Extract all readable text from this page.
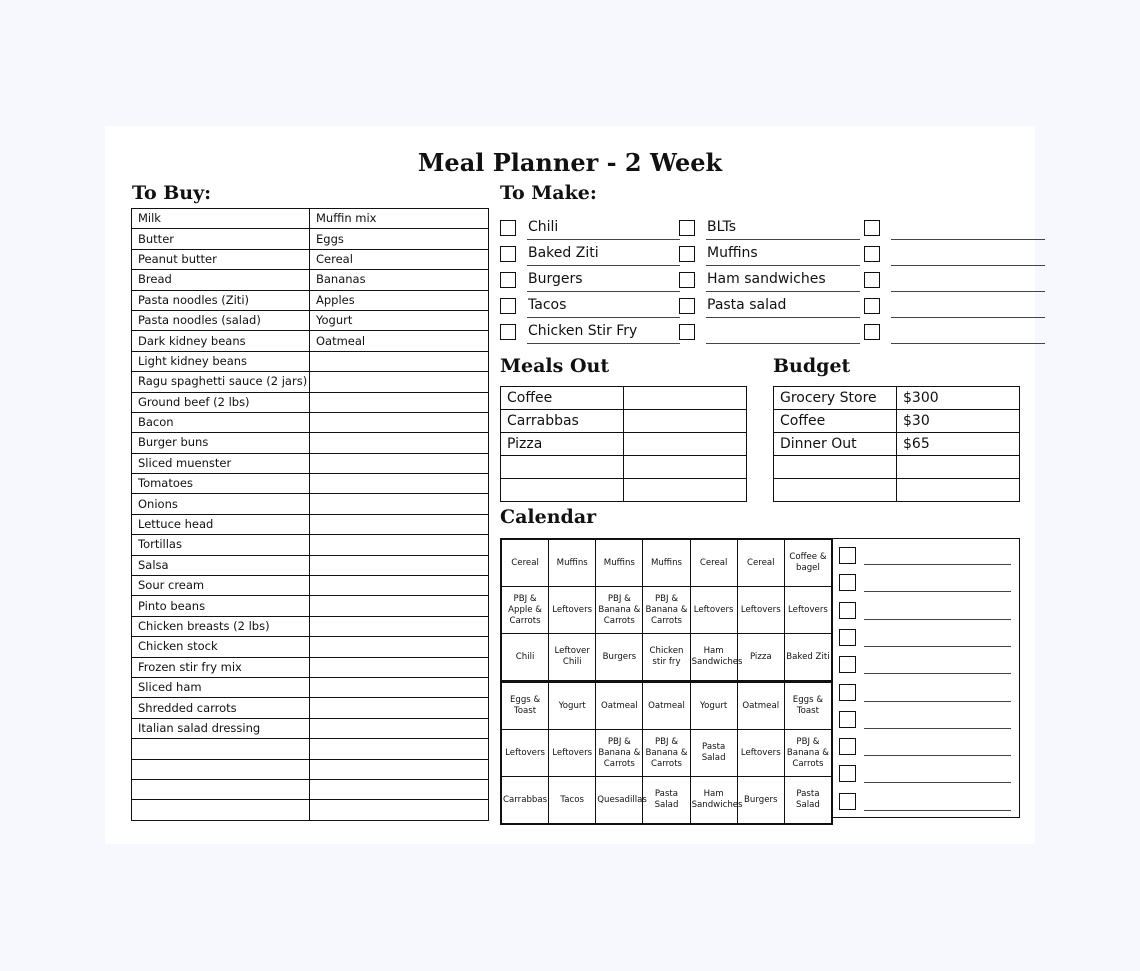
Meal Planner - 2 Week
To Buy:
Milk	Muffin mix
Butter	Eggs
Peanut butter	Cereal
Bread	Bananas
Pasta noodles (Ziti)	Apples
Pasta noodles (salad)	Yogurt
Dark kidney beans	Oatmeal
Light kidney beans	
Ragu spaghetti sauce (2 jars)	
Ground beef (2 lbs)	
Bacon	
Burger buns	
Sliced muenster	
Tomatoes	
Onions	
Lettuce head	
Tortillas	
Salsa	
Sour cream	
Pinto beans	
Chicken breasts (2 lbs)	
Chicken stock	
Frozen stir fry mix	
Sliced ham	
Shredded carrots	
Italian salad dressing	

To Make:
Chili
Baked Ziti
Burgers
Tacos
Chicken Stir Fry
BLTs
Muffins
Ham sandwiches
Pasta salad
Meals Out
Coffee	
Carrabbas	
Pizza	

Budget
Grocery Store	$300
Coffee	$30
Dinner Out	$65

Calendar
Cereal	Muffins	Muffins	Muffins	Cereal	Cereal	Coffee & bagel
PBJ & Apple & Carrots	Leftovers	PBJ & Banana & Carrots	PBJ & Banana & Carrots	Leftovers	Leftovers	Leftovers
Chili	Leftover Chili	Burgers	Chicken stir fry	Ham Sandwiches	Pizza	Baked Ziti
Eggs & Toast	Yogurt	Oatmeal	Oatmeal	Yogurt	Oatmeal	Eggs & Toast
Leftovers	Leftovers	PBJ & Banana & Carrots	PBJ & Banana & Carrots	Pasta Salad	Leftovers	PBJ & Banana & Carrots
Carrabbas	Tacos	Quesadillas	Pasta Salad	Ham Sandwiches	Burgers	Pasta Salad
